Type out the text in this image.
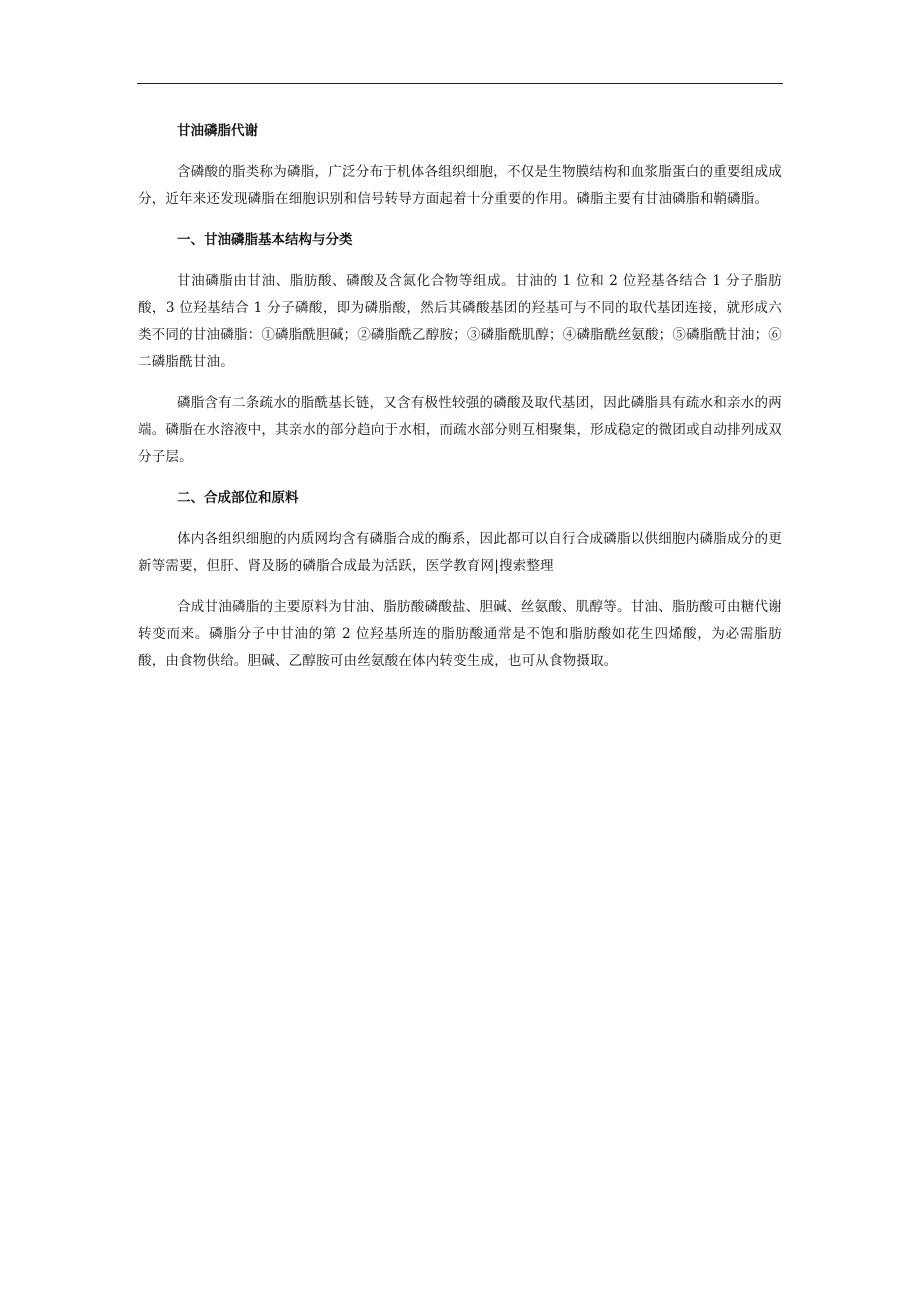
甘油磷脂代谢

含磷酸的脂类称为磷脂，广泛分布于机体各组织细胞，不仅是生物膜结构和血浆脂蛋白的重要组成成分，近年来还发现磷脂在细胞识别和信号转导方面起着十分重要的作用。磷脂主要有甘油磷脂和鞘磷脂。

一、甘油磷脂基本结构与分类

甘油磷脂由甘油、脂肪酸、磷酸及含氮化合物等组成。甘油的 1 位和 2 位羟基各结合 1 分子脂肪酸，3 位羟基结合 1 分子磷酸，即为磷脂酸，然后其磷酸基团的羟基可与不同的取代基团连接，就形成六类不同的甘油磷脂：①磷脂酰胆碱；②磷脂酰乙醇胺；③磷脂酰肌醇；④磷脂酰丝氨酸；⑤磷脂酰甘油；⑥二磷脂酰甘油。

磷脂含有二条疏水的脂酰基长链，又含有极性较强的磷酸及取代基团，因此磷脂具有疏水和亲水的两端。磷脂在水溶液中，其亲水的部分趋向于水相，而疏水部分则互相聚集，形成稳定的微团或自动排列成双分子层。

二、合成部位和原料

体内各组织细胞的内质网均含有磷脂合成的酶系，因此都可以自行合成磷脂以供细胞内磷脂成分的更新等需要，但肝、肾及肠的磷脂合成最为活跃，医学教育网|搜索整理

合成甘油磷脂的主要原料为甘油、脂肪酸磷酸盐、胆碱、丝氨酸、肌醇等。甘油、脂肪酸可由糖代谢转变而来。磷脂分子中甘油的第 2 位羟基所连的脂肪酸通常是不饱和脂肪酸如花生四烯酸，为必需脂肪酸，由食物供给。胆碱、乙醇胺可由丝氨酸在体内转变生成，也可从食物摄取。
